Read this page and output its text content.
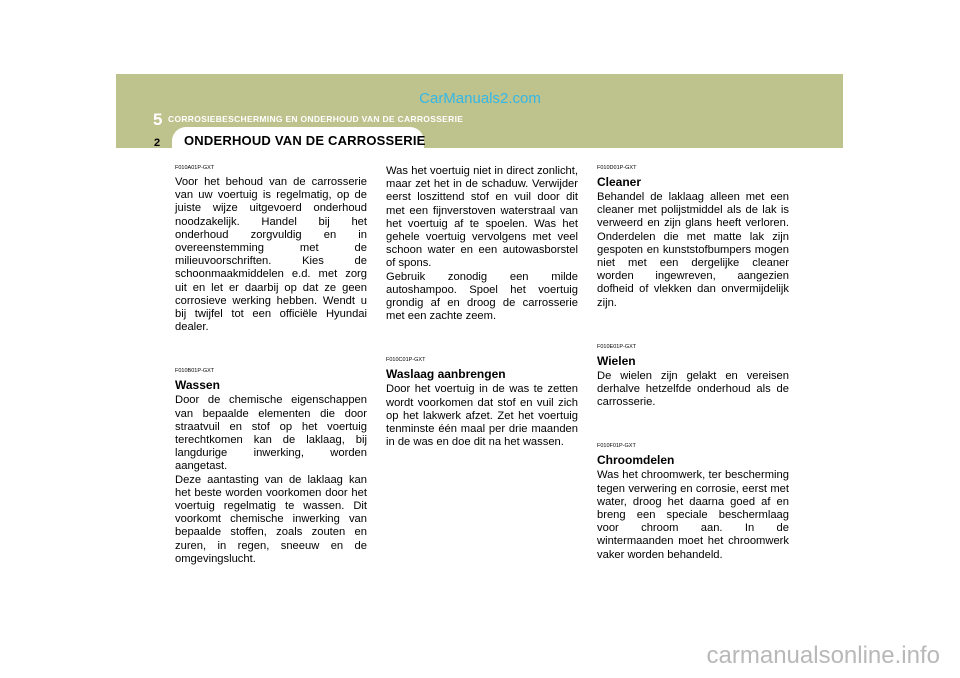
CarManuals2.com
5 CORROSIEBESCHERMING EN ONDERHOUD VAN DE CARROSSERIE
ONDERHOUD VAN DE CARROSSERIE
2
F010A01P-GXT

Voor het behoud van de carrosserie van uw voertuig is regelmatig, op de juiste wijze uitgevoerd onderhoud noodzakelijk. Handel bij het onderhoud zorgvuldig en in overeenstemming met de milieuvoorschriften. Kies de schoonmaakmiddelen e.d. met zorg uit en let er daarbij op dat ze geen corrosieve werking hebben. Wendt u bij twijfel tot een officiële Hyundai dealer.

F010B01P-GXT
Wassen

Door de chemische eigenschappen van bepaalde elementen die door straatvuil en stof op het voertuig terechtkomen kan de laklaag, bij langdurige inwerking, worden aangetast.
Deze aantasting van de laklaag kan het beste worden voorkomen door het voertuig regelmatig te wassen. Dit voorkomt chemische inwerking van bepaalde stoffen, zoals zouten en zuren, in regen, sneeuw en de omgevingslucht.

Was het voertuig niet in direct zonlicht, maar zet het in de schaduw. Verwijder eerst loszittend stof en vuil door dit met een fijnverstoven waterstraal van het voertuig af te spoelen. Was het gehele voertuig vervolgens met veel schoon water en een autowasborstel of spons.
Gebruik zonodig een milde autoshampoo. Spoel het voertuig grondig af en droog de carrosserie met een zachte zeem.

F010C01P-GXT
Waslaag aanbrengen

Door het voertuig in de was te zetten wordt voorkomen dat stof en vuil zich op het lakwerk afzet. Zet het voertuig tenminste één maal per drie maanden in de was en doe dit na het wassen.

F010D01P-GXT
Cleaner

Behandel de laklaag alleen met een cleaner met polijstmiddel als de lak is verweerd en zijn glans heeft verloren. Onderdelen die met matte lak zijn gespoten en kunststofbumpers mogen niet met een dergelijke cleaner worden ingewreven, aangezien dofheid of vlekken dan onvermijdelijk zijn.

F010E01P-GXT
Wielen

De wielen zijn gelakt en vereisen derhalve hetzelfde onderhoud als de carrosserie.

F010F01P-GXT
Chroomdelen

Was het chroomwerk, ter bescherming tegen verwering en corrosie, eerst met water, droog het daarna goed af en breng een speciale beschermlaag voor chroom aan. In de wintermaanden moet het chroomwerk vaker worden behandeld.

carmanualsonline.info
